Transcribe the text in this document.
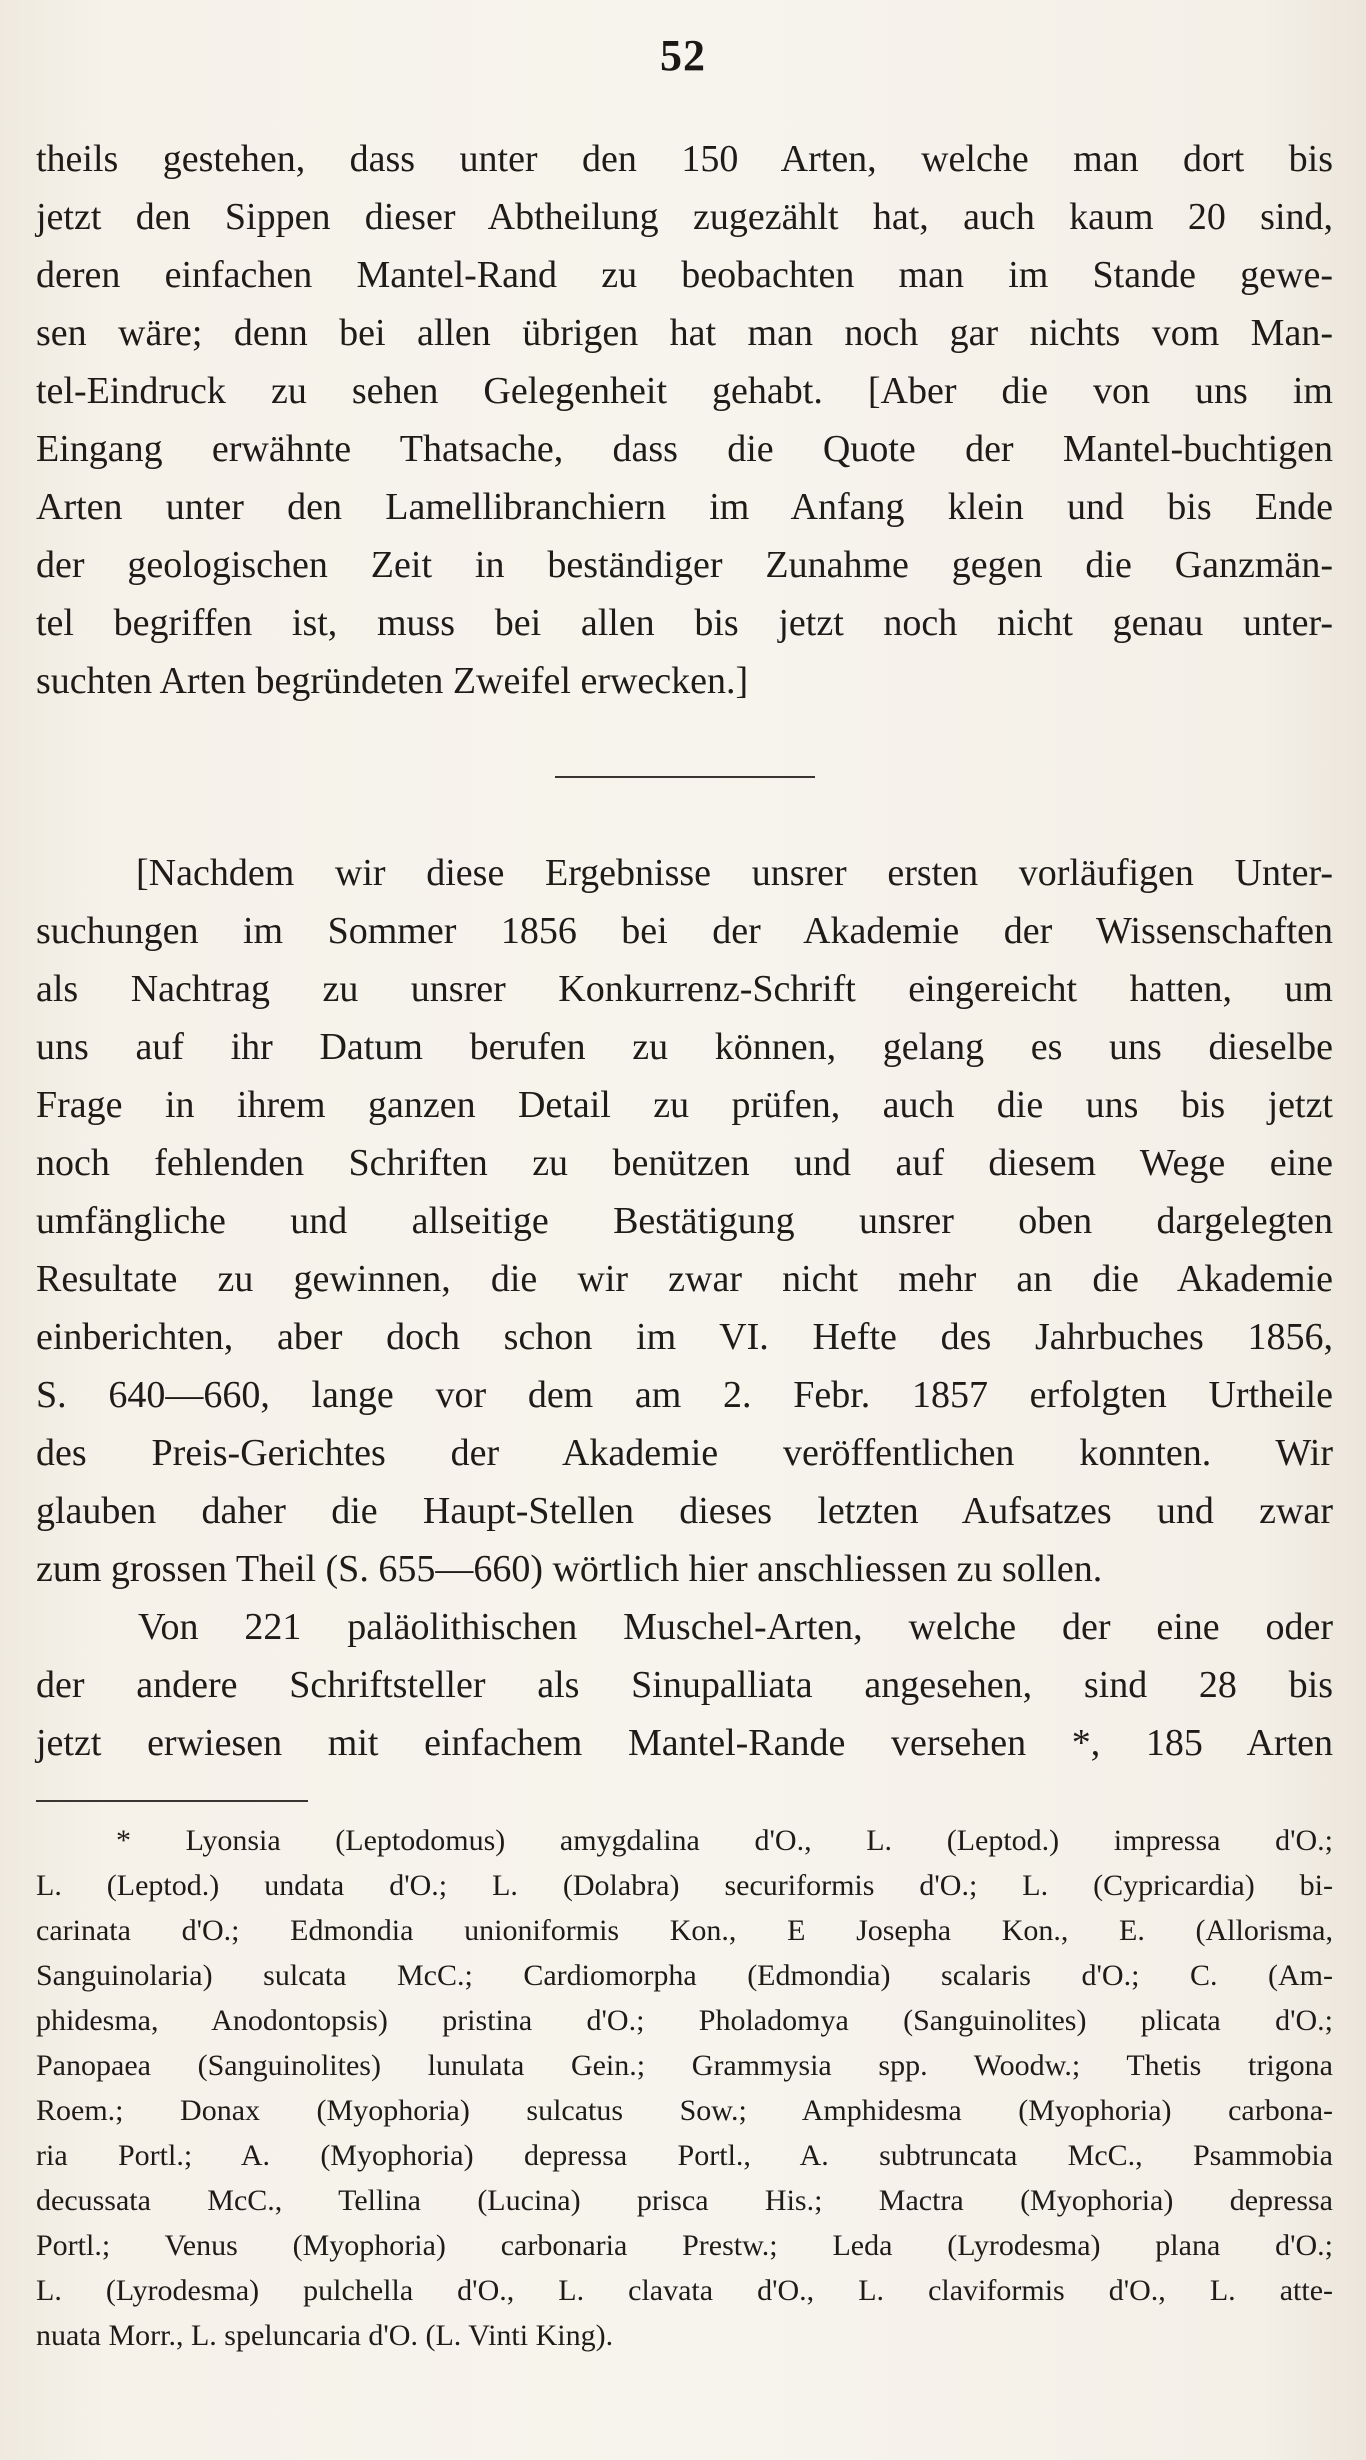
52
theils gestehen, dass unter den 150 Arten, welche man dort bis
jetzt den Sippen dieser Abtheilung zugezählt hat, auch kaum 20 sind,
deren einfachen Mantel-Rand zu beobachten man im Stande gewe-
sen wäre; denn bei allen übrigen hat man noch gar nichts vom Man-
tel-Eindruck zu sehen Gelegenheit gehabt. [Aber die von uns im
Eingang erwähnte Thatsache, dass die Quote der Mantel-buchtigen
Arten unter den Lamellibranchiern im Anfang klein und bis Ende
der geologischen Zeit in beständiger Zunahme gegen die Ganzmän-
tel begriffen ist, muss bei allen bis jetzt noch nicht genau unter-
suchten Arten begründeten Zweifel erwecken.]
[Nachdem wir diese Ergebnisse unsrer ersten vorläufigen Unter-
suchungen im Sommer 1856 bei der Akademie der Wissenschaften
als Nachtrag zu unsrer Konkurrenz-Schrift eingereicht hatten, um
uns auf ihr Datum berufen zu können, gelang es uns dieselbe
Frage in ihrem ganzen Detail zu prüfen, auch die uns bis jetzt
noch fehlenden Schriften zu benützen und auf diesem Wege eine
umfängliche und allseitige Bestätigung unsrer oben dargelegten
Resultate zu gewinnen, die wir zwar nicht mehr an die Akademie
einberichten, aber doch schon im VI. Hefte des Jahrbuches 1856,
S. 640—660, lange vor dem am 2. Febr. 1857 erfolgten Urtheile
des Preis-Gerichtes der Akademie veröffentlichen konnten. Wir
glauben daher die Haupt-Stellen dieses letzten Aufsatzes und zwar
zum grossen Theil (S. 655—660) wörtlich hier anschliessen zu sollen.
Von 221 paläolithischen Muschel-Arten, welche der eine oder
der andere Schriftsteller als Sinupalliata angesehen, sind 28 bis
jetzt erwiesen mit einfachem Mantel-Rande versehen *, 185 Arten
* Lyonsia (Leptodomus) amygdalina d'O., L. (Leptod.) impressa d'O.;
L. (Leptod.) undata d'O.; L. (Dolabra) securiformis d'O.; L. (Cypricardia) bi-
carinata d'O.; Edmondia unioniformis Kon., E Josepha Kon., E. (Allorisma,
Sanguinolaria) sulcata McC.; Cardiomorpha (Edmondia) scalaris d'O.; C. (Am-
phidesma, Anodontopsis) pristina d'O.; Pholadomya (Sanguinolites) plicata d'O.;
Panopaea (Sanguinolites) lunulata Gein.; Grammysia spp. Woodw.; Thetis trigona
Roem.; Donax (Myophoria) sulcatus Sow.; Amphidesma (Myophoria) carbona-
ria Portl.; A. (Myophoria) depressa Portl., A. subtruncata McC., Psammobia
decussata McC., Tellina (Lucina) prisca His.; Mactra (Myophoria) depressa
Portl.; Venus (Myophoria) carbonaria Prestw.; Leda (Lyrodesma) plana d'O.;
L. (Lyrodesma) pulchella d'O., L. clavata d'O., L. claviformis d'O., L. atte-
nuata Morr., L. speluncaria d'O. (L. Vinti King).
